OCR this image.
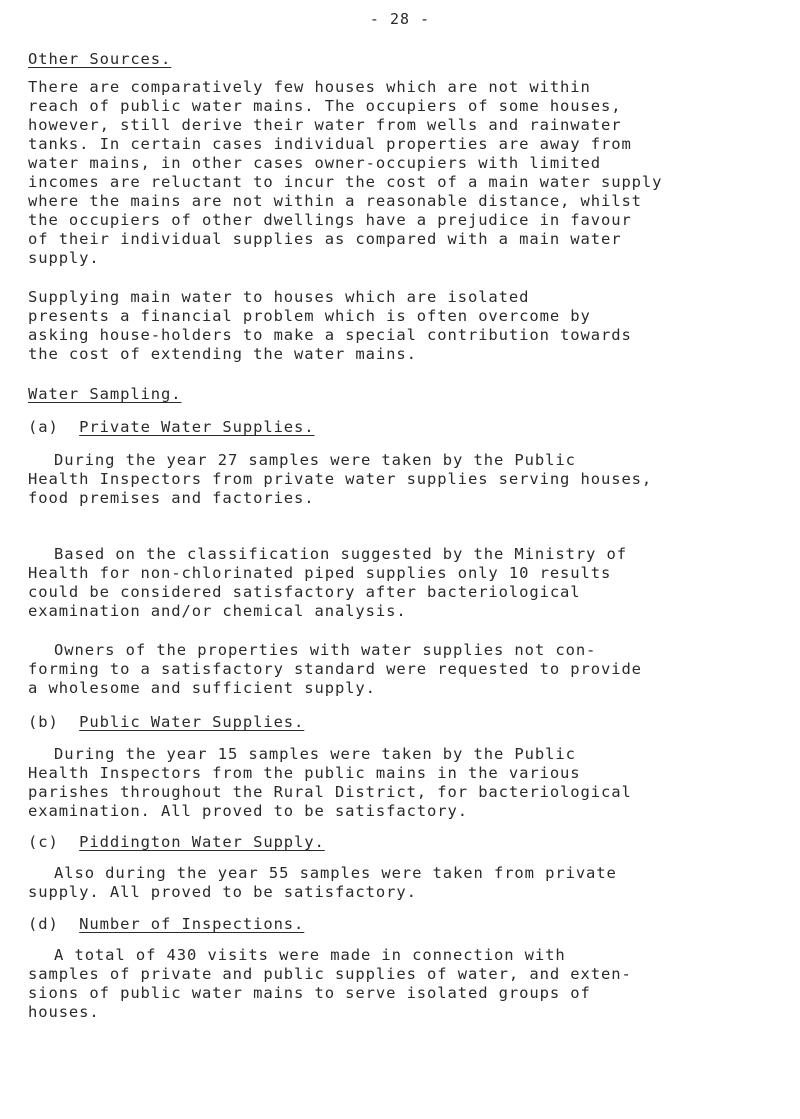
- 28 -
Other Sources.
There are comparatively few houses which are not within
reach of public water mains. The occupiers of some houses,
however, still derive their water from wells and rainwater
tanks. In certain cases individual properties are away from
water mains, in other cases owner-occupiers with limited
incomes are reluctant to incur the cost of a main water supply
where the mains are not within a reasonable distance, whilst
the occupiers of other dwellings have a prejudice in favour
of their individual supplies as compared with a main water
supply.
Supplying main water to houses which are isolated
presents a financial problem which is often overcome by
asking house-holders to make a special contribution towards
the cost of extending the water mains.
Water Sampling.
(a) Private Water Supplies.
During the year 27 samples were taken by the Public
Health Inspectors from private water supplies serving houses,
food premises and factories.
Based on the classification suggested by the Ministry of
Health for non-chlorinated piped supplies only 10 results
could be considered satisfactory after bacteriological
examination and/or chemical analysis.
Owners of the properties with water supplies not con-
forming to a satisfactory standard were requested to provide
a wholesome and sufficient supply.
(b) Public Water Supplies.
During the year 15 samples were taken by the Public
Health Inspectors from the public mains in the various
parishes throughout the Rural District, for bacteriological
examination. All proved to be satisfactory.
(c) Piddington Water Supply.
Also during the year 55 samples were taken from private
supply. All proved to be satisfactory.
(d) Number of Inspections.
A total of 430 visits were made in connection with
samples of private and public supplies of water, and exten-
sions of public water mains to serve isolated groups of
houses.
